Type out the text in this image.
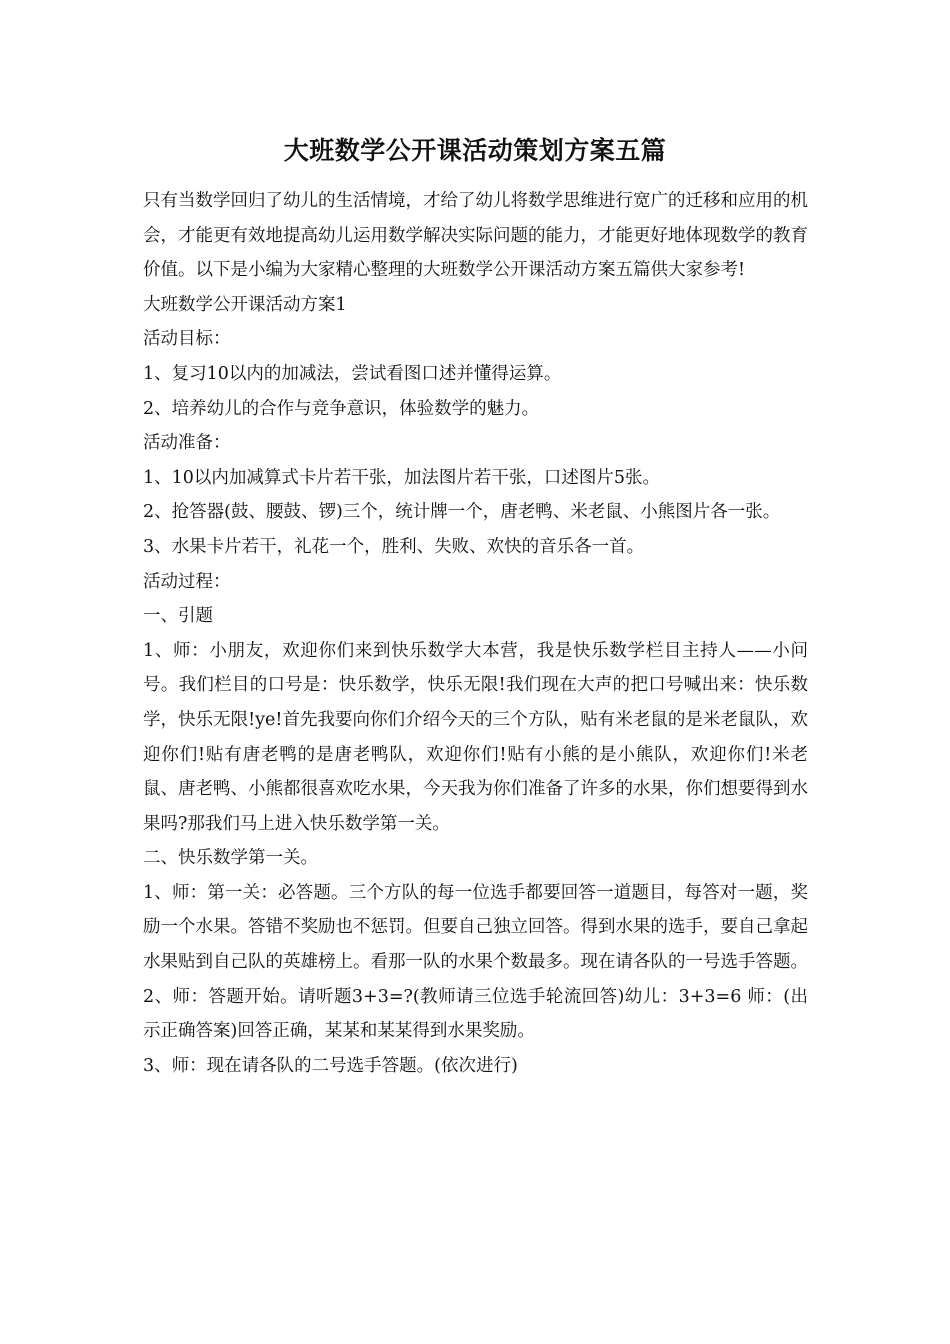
大班数学公开课活动策划方案五篇

只有当数学回归了幼儿的生活情境，才给了幼儿将数学思维进行宽广的迁移和应用的机会，才能更有效地提高幼儿运用数学解决实际问题的能力，才能更好地体现数学的教育价值。以下是小编为大家精心整理的大班数学公开课活动方案五篇供大家参考!

大班数学公开课活动方案1

活动目标：

1、复习10以内的加减法，尝试看图口述并懂得运算。

2、培养幼儿的合作与竞争意识，体验数学的魅力。

活动准备：

1、10以内加减算式卡片若干张，加法图片若干张，口述图片5张。

2、抢答器(鼓、腰鼓、锣)三个，统计牌一个，唐老鸭、米老鼠、小熊图片各一张。

3、水果卡片若干，礼花一个，胜利、失败、欢快的音乐各一首。

活动过程：

一、引题

1、师：小朋友，欢迎你们来到快乐数学大本营，我是快乐数学栏目主持人——小问号。我们栏目的口号是：快乐数学，快乐无限!我们现在大声的把口号喊出来：快乐数学，快乐无限!ye!首先我要向你们介绍今天的三个方队，贴有米老鼠的是米老鼠队，欢迎你们!贴有唐老鸭的是唐老鸭队，欢迎你们!贴有小熊的是小熊队，欢迎你们!米老鼠、唐老鸭、小熊都很喜欢吃水果，今天我为你们准备了许多的水果，你们想要得到水果吗?那我们马上进入快乐数学第一关。

二、快乐数学第一关。

1、师：第一关：必答题。三个方队的每一位选手都要回答一道题目，每答对一题，奖励一个水果。答错不奖励也不惩罚。但要自己独立回答。得到水果的选手，要自己拿起水果贴到自己队的英雄榜上。看那一队的水果个数最多。现在请各队的一号选手答题。

2、师：答题开始。请听题3+3=?(教师请三位选手轮流回答)幼儿：3+3=6 师：(出示正确答案)回答正确，某某和某某得到水果奖励。

3、师：现在请各队的二号选手答题。(依次进行)
